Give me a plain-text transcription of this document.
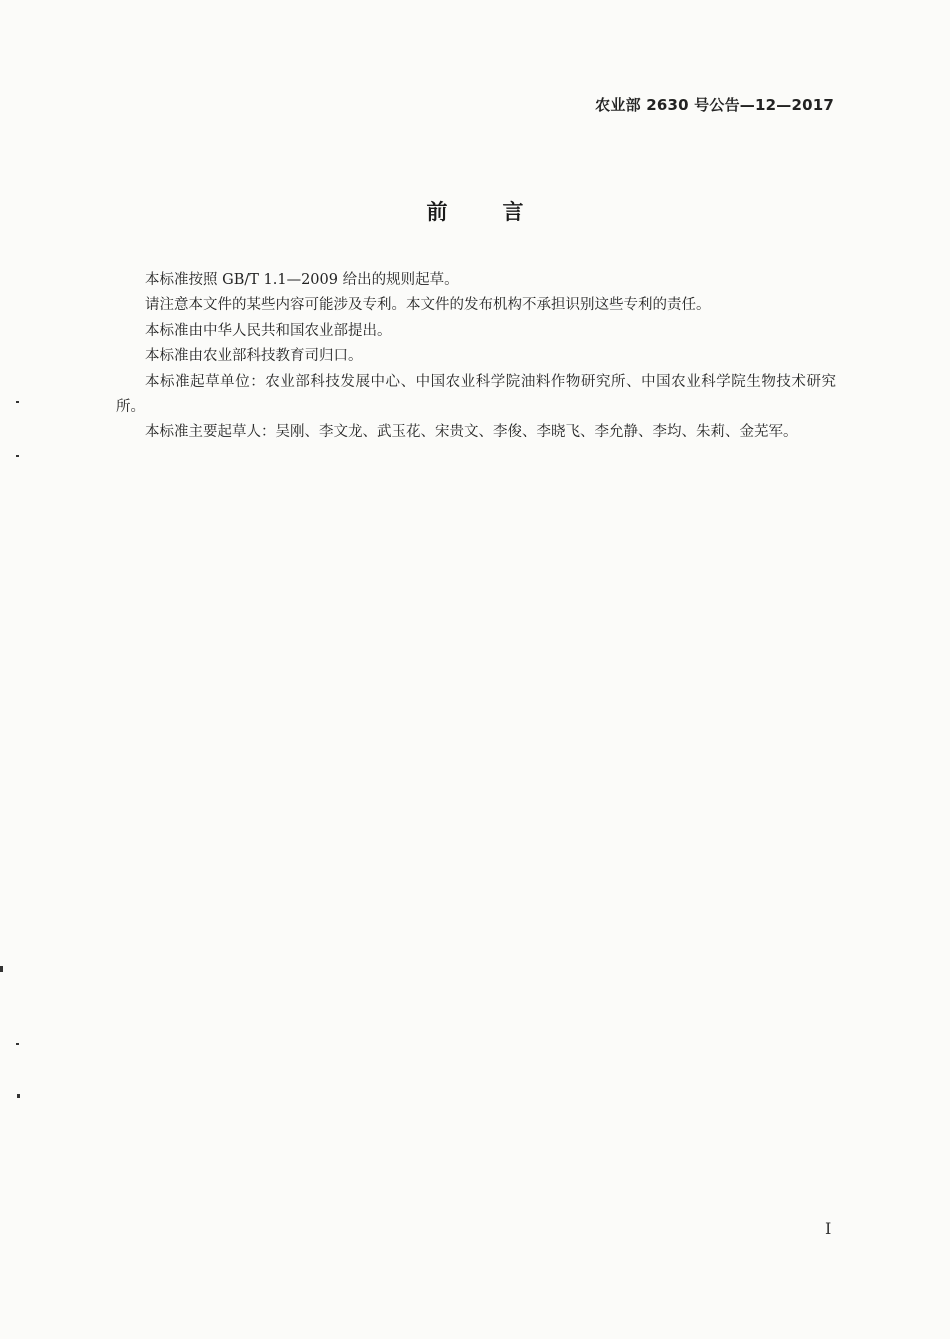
农业部 2630 号公告—12—2017
前言

本标准按照 GB/T 1.1—2009 给出的规则起草。

请注意本文件的某些内容可能涉及专利。本文件的发布机构不承担识别这些专利的责任。

本标准由中华人民共和国农业部提出。

本标准由农业部科技教育司归口。

本标准起草单位：农业部科技发展中心、中国农业科学院油料作物研究所、中国农业科学院生物技术研究所。

本标准主要起草人：吴刚、李文龙、武玉花、宋贵文、李俊、李晓飞、李允静、李均、朱莉、金芜军。

I
